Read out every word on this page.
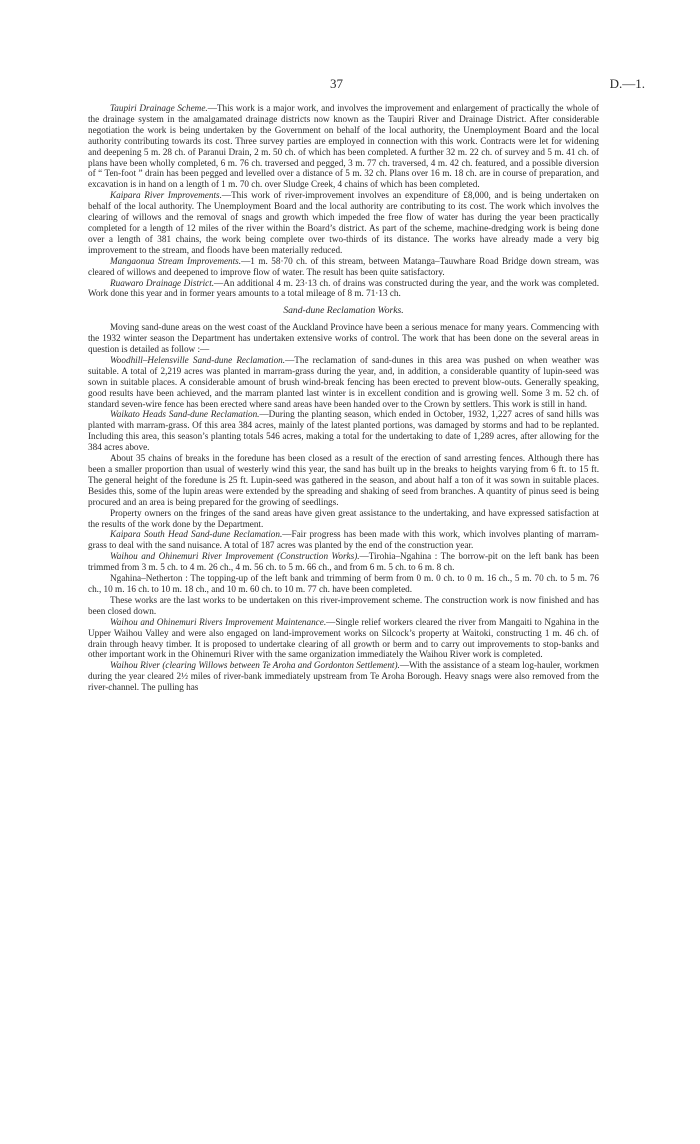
37	D.—1.

Taupiri Drainage Scheme.—This work is a major work, and involves the improvement and enlargement of practically the whole of the drainage system in the amalgamated drainage districts now known as the Taupiri River and Drainage District. After considerable negotiation the work is being undertaken by the Government on behalf of the local authority, the Unemployment Board and the local authority contributing towards its cost. Three survey parties are employed in connection with this work. Contracts were let for widening and deepening 5 m. 28 ch. of Paranui Drain, 2 m. 50 ch. of which has been completed. A further 32 m. 22 ch. of survey and 5 m. 41 ch. of plans have been wholly completed, 6 m. 76 ch. traversed and pegged, 3 m. 77 ch. traversed, 4 m. 42 ch. featured, and a possible diversion of “ Ten-foot ” drain has been pegged and levelled over a distance of 5 m. 32 ch. Plans over 16 m. 18 ch. are in course of preparation, and excavation is in hand on a length of 1 m. 70 ch. over Sludge Creek, 4 chains of which has been completed.

Kaipara River Improvements.—This work of river-improvement involves an expenditure of £8,000, and is being undertaken on behalf of the local authority. The Unemployment Board and the local authority are contributing to its cost. The work which involves the clearing of willows and the removal of snags and growth which impeded the free flow of water has during the year been practically completed for a length of 12 miles of the river within the Board’s district. As part of the scheme, machine-dredging work is being done over a length of 381 chains, the work being complete over two-thirds of its distance. The works have already made a very big improvement to the stream, and floods have been materially reduced.

Mangaonua Stream Improvements.—1 m. 58·70 ch. of this stream, between Matanga–Tauwhare Road Bridge down stream, was cleared of willows and deepened to improve flow of water. The result has been quite satisfactory.

Ruawaro Drainage District.—An additional 4 m. 23·13 ch. of drains was constructed during the year, and the work was completed. Work done this year and in former years amounts to a total mileage of 8 m. 71·13 ch.

Sand-dune Reclamation Works.

Moving sand-dune areas on the west coast of the Auckland Province have been a serious menace for many years. Commencing with the 1932 winter season the Department has undertaken extensive works of control. The work that has been done on the several areas in question is detailed as follow :—

Woodhill–Helensville Sand-dune Reclamation.—The reclamation of sand-dunes in this area was pushed on when weather was suitable. A total of 2,219 acres was planted in marram-grass during the year, and, in addition, a considerable quantity of lupin-seed was sown in suitable places. A considerable amount of brush wind-break fencing has been erected to prevent blow-outs. Generally speaking, good results have been achieved, and the marram planted last winter is in excellent condition and is growing well. Some 3 m. 52 ch. of standard seven-wire fence has been erected where sand areas have been handed over to the Crown by settlers. This work is still in hand.

Waikato Heads Sand-dune Reclamation.—During the planting season, which ended in October, 1932, 1,227 acres of sand hills was planted with marram-grass. Of this area 384 acres, mainly of the latest planted portions, was damaged by storms and had to be replanted. Including this area, this season’s planting totals 546 acres, making a total for the undertaking to date of 1,289 acres, after allowing for the 384 acres above.

About 35 chains of breaks in the foredune has been closed as a result of the erection of sand arresting fences. Although there has been a smaller proportion than usual of westerly wind this year, the sand has built up in the breaks to heights varying from 6 ft. to 15 ft. The general height of the foredune is 25 ft. Lupin-seed was gathered in the season, and about half a ton of it was sown in suitable places. Besides this, some of the lupin areas were extended by the spreading and shaking of seed from branches. A quantity of pinus seed is being procured and an area is being prepared for the growing of seedlings.

Property owners on the fringes of the sand areas have given great assistance to the undertaking, and have expressed satisfaction at the results of the work done by the Department.

Kaipara South Head Sand-dune Reclamation.—Fair progress has been made with this work, which involves planting of marram-grass to deal with the sand nuisance. A total of 187 acres was planted by the end of the construction year.

Waihou and Ohinemuri River Improvement (Construction Works).—Tirohia–Ngahina : The borrow-pit on the left bank has been trimmed from 3 m. 5 ch. to 4 m. 26 ch., 4 m. 56 ch. to 5 m. 66 ch., and from 6 m. 5 ch. to 6 m. 8 ch.

Ngahina–Netherton : The topping-up of the left bank and trimming of berm from 0 m. 0 ch. to 0 m. 16 ch., 5 m. 70 ch. to 5 m. 76 ch., 10 m. 16 ch. to 10 m. 18 ch., and 10 m. 60 ch. to 10 m. 77 ch. have been completed.

These works are the last works to be undertaken on this river-improvement scheme. The construction work is now finished and has been closed down.

Waihou and Ohinemuri Rivers Improvement Maintenance.—Single relief workers cleared the river from Mangaiti to Ngahina in the Upper Waihou Valley and were also engaged on land-improvement works on Silcock’s property at Waitoki, constructing 1 m. 46 ch. of drain through heavy timber. It is proposed to undertake clearing of all growth or berm and to carry out improvements to stop-banks and other important work in the Ohinemuri River with the same organization immediately the Waihou River work is completed.

Waihou River (clearing Willows between Te Aroha and Gordonton Settlement).—With the assistance of a steam log-hauler, workmen during the year cleared 2½ miles of river-bank immediately upstream from Te Aroha Borough. Heavy snags were also removed from the river-channel. The pulling has
